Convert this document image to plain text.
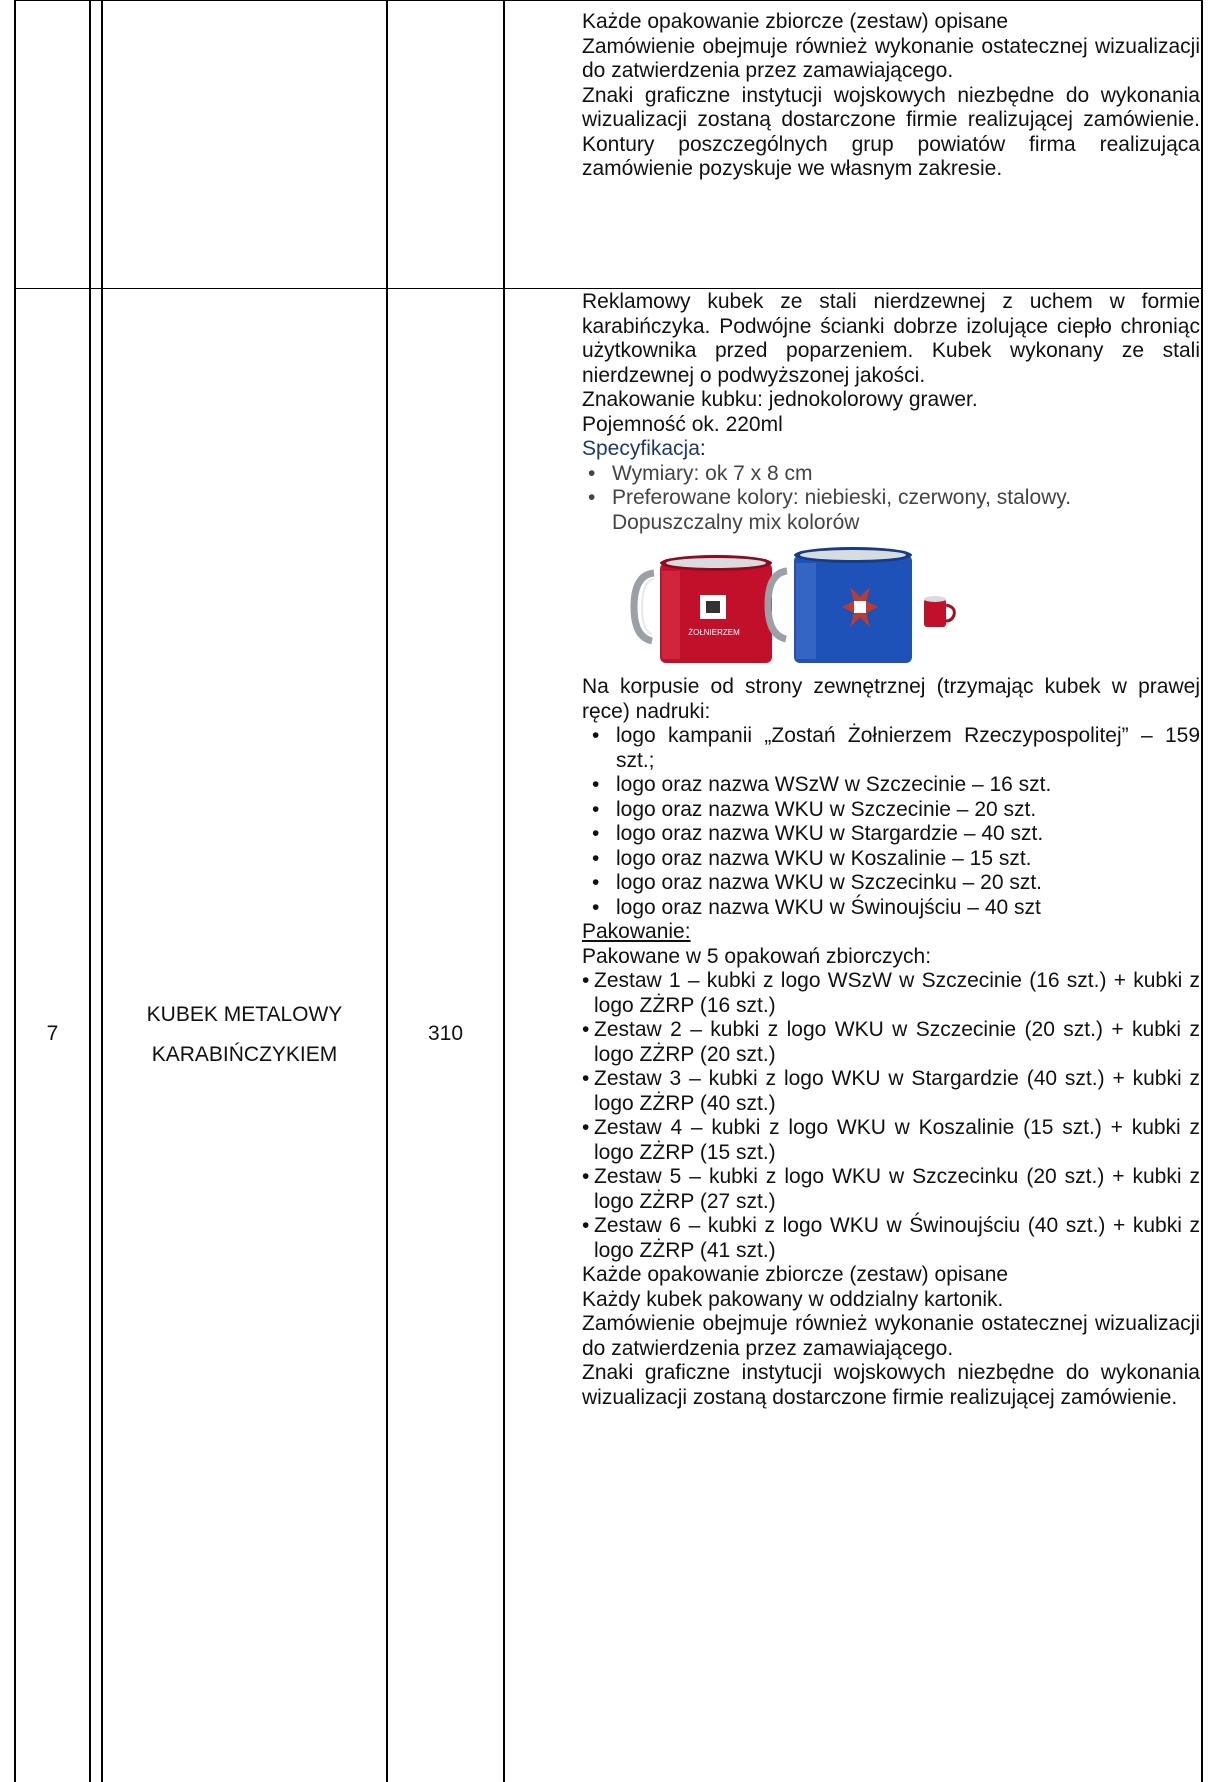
Każde opakowanie zbiorcze (zestaw) opisane

Zamówienie obejmuje również wykonanie ostatecznej wizualizacji do zatwierdzenia przez zamawiającego.

Znaki graficzne instytucji wojskowych niezbędne do wykonania wizualizacji zostaną dostarczone firmie realizującej zamówienie. Kontury poszczególnych grup powiatów firma realizująca zamówienie pozyskuje we własnym zakresie.

7
KUBEK METALOWY
KARABIŃCZYKIEM
310

Reklamowy kubek ze stali nierdzewnej z uchem w formie karabińczyka. Podwójne ścianki dobrze izolujące ciepło chroniąc użytkownika przed poparzeniem. Kubek wykonany ze stali nierdzewnej o podwyższonej jakości.

Znakowanie kubku: jednokolorowy grawer.

Pojemność ok. 220ml

Specyfikacja:

• Wymiary: ok 7 x 8 cm
• Preferowane kolory: niebieski, czerwony, stalowy. Dopuszczalny mix kolorów
ŻOŁNIERZEM

Na korpusie od strony zewnętrznej (trzymając kubek w prawej ręce) nadruki:

• logo kampanii „Zostań Żołnierzem Rzeczypospolitej” – 159 szt.;
• logo oraz nazwa WSzW w Szczecinie – 16 szt.
• logo oraz nazwa WKU w Szczecinie – 20 szt.
• logo oraz nazwa WKU w Stargardzie – 40 szt.
• logo oraz nazwa WKU w Koszalinie – 15 szt.
• logo oraz nazwa WKU w Szczecinku – 20 szt.
• logo oraz nazwa WKU w Świnoujściu – 40 szt

Pakowanie:

Pakowane w 5 opakowań zbiorczych:

• Zestaw 1 – kubki z logo WSzW w Szczecinie (16 szt.) + kubki z logo ZŻRP (16 szt.)
• Zestaw 2 – kubki z logo WKU w Szczecinie (20 szt.) + kubki z logo ZŻRP (20 szt.)
• Zestaw 3 – kubki z logo WKU w Stargardzie (40 szt.) + kubki z logo ZŻRP (40 szt.)
• Zestaw 4 – kubki z logo WKU w Koszalinie (15 szt.) + kubki z logo ZŻRP (15 szt.)
• Zestaw 5 – kubki z logo WKU w Szczecinku (20 szt.) + kubki z logo ZŻRP (27 szt.)
• Zestaw 6 – kubki z logo WKU w Świnoujściu (40 szt.) + kubki z logo ZŻRP (41 szt.)

Każde opakowanie zbiorcze (zestaw) opisane

Każdy kubek pakowany w oddzialny kartonik.

Zamówienie obejmuje również wykonanie ostatecznej wizualizacji do zatwierdzenia przez zamawiającego.

Znaki graficzne instytucji wojskowych niezbędne do wykonania wizualizacji zostaną dostarczone firmie realizującej zamówienie.
